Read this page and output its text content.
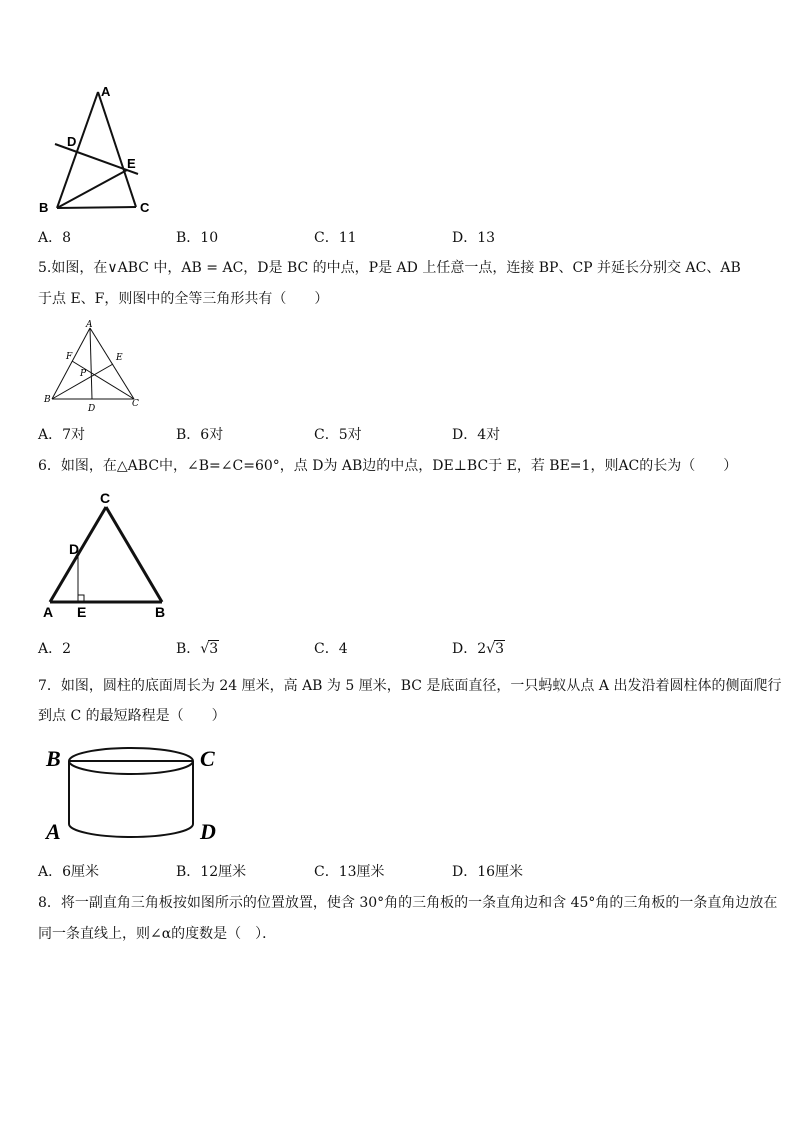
A
D
E
B	C
A．8	B．10	C．11	D．13
5.如图，在∨ABC 中，AB = AC，D是 BC 的中点，P是 AD 上任意一点，连接 BP、CP 并延长分别交 AC、AB
于点 E、F，则图中的全等三角形共有（　　）
A
F	E
P
B	C
D
A．7对	B．6对	C．5对	D．4对
6．如图，在△ABC中，∠B=∠C=60°，点 D为 AB边的中点，DE⊥BC于 E，若 BE=1，则AC的长为（　　）
C
D
A E	B
A．2	B．√3	C．4	D．2√3
7．如图，圆柱的底面周长为 24 厘米，高 AB 为 5 厘米，BC 是底面直径，一只蚂蚁从点 A 出发沿着圆柱体的侧面爬行
到点 C 的最短路程是（　　）
B	C
A	D
A．6厘米	B．12厘米	C．13厘米	D．16厘米
8．将一副直角三角板按如图所示的位置放置，使含 30°角的三角板的一条直角边和含 45°角的三角板的一条直角边放在
同一条直线上，则∠α的度数是（　）．
